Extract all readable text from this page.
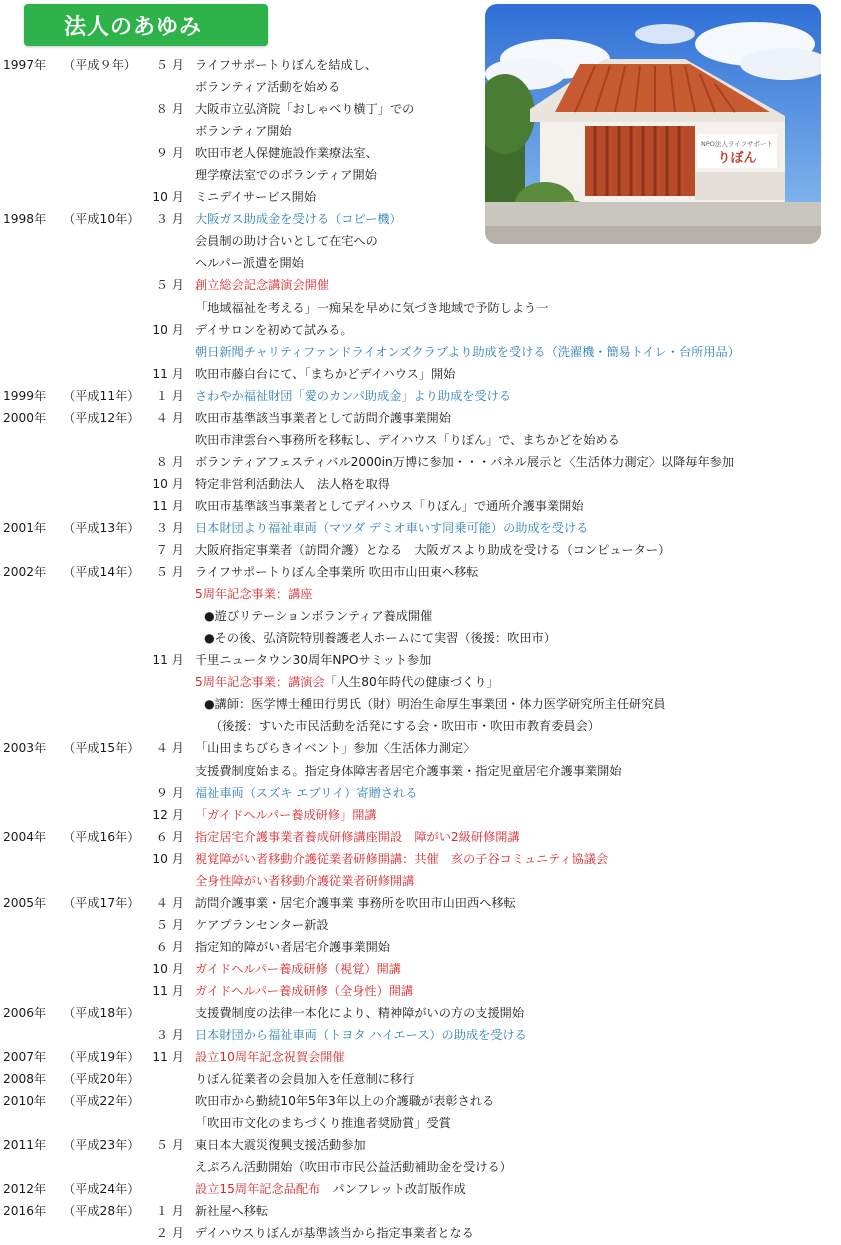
法人のあゆみ
NPO法人ライフサポート
りぼん
1997年 （平成９年）	５ 月 ライフサポートりぼんを結成し、
ボランティア活動を始める
８ 月 大阪市立弘済院「おしゃべり横丁」での
ボランティア開始
９ 月 吹田市老人保健施設作業療法室、
理学療法室でのボランティア開始
10 月 ミニデイサービス開始
1998年 （平成10年）	３ 月 大阪ガス助成金を受ける（コピー機）
会員制の助け合いとして在宅への
ヘルパー派遣を開始
５ 月 創立総会記念講演会開催
「地域福祉を考える」一痴呆を早めに気づき地域で予防しよう一
10 月 デイサロンを初めて試みる。
朝日新聞チャリティファンドライオンズクラブより助成を受ける（洗濯機・簡易トイレ・台所用品）
11 月 吹田市藤白台にて、「まちかどデイハウス」開始
1999年 （平成11年）	１ 月 さわやか福祉財団「愛のカンパ助成金」より助成を受ける
2000年 （平成12年）	４ 月 吹田市基準該当事業者として訪問介護事業開始
吹田市津雲台へ事務所を移転し、デイハウス「りぼん」で、まちかどを始める
８ 月 ボランティアフェスティバル2000in万博に参加・・・パネル展示と〈生活体力測定〉以降毎年参加
10 月 特定非営利活動法人　法人格を取得
11 月 吹田市基準該当事業者としてデイハウス「りぼん」で通所介護事業開始
2001年 （平成13年）	３ 月 日本財団より福祉車両（マツダ デミオ車いす同乗可能）の助成を受ける
７ 月 大阪府指定事業者（訪問介護）となる　大阪ガスより助成を受ける（コンピューター）
2002年 （平成14年）	５ 月 ライフサポートりぼん全事業所 吹田市山田東へ移転
5周年記念事業：講座
●遊びリテーションボランティア養成開催
●その後、弘済院特別養護老人ホームにて実習（後援：吹田市）
11 月 千里ニュータウン30周年NPOサミット参加
5周年記念事業：講演会「人生80年時代の健康づくり」
●講師：医学博士種田行男氏（財）明治生命厚生事業団・体力医学研究所主任研究員
（後援：すいた市民活動を活発にする会・吹田市・吹田市教育委員会）
2003年 （平成15年）	４ 月 「山田まちびらきイベント」参加〈生活体力測定〉
支援費制度始まる。指定身体障害者居宅介護事業・指定児童居宅介護事業開始
９ 月 福祉車両（スズキ エブリイ）寄贈される
12 月 「ガイドヘルパー養成研修」開講
2004年 （平成16年）	６ 月 指定居宅介護事業者養成研修講座開設　障がい2級研修開講
10 月 視覚障がい者移動介護従業者研修開講：共催　亥の子谷コミュニティ協議会
全身性障がい者移動介護従業者研修開講
2005年 （平成17年）	４ 月 訪問介護事業・居宅介護事業 事務所を吹田市山田西へ移転
５ 月 ケアプランセンター新設
６ 月 指定知的障がい者居宅介護事業開始
10 月 ガイドヘルパー養成研修（視覚）開講
11 月 ガイドヘルパー養成研修（全身性）開講
2006年 （平成18年）	支援費制度の法律一本化により、精神障がいの方の支援開始
３ 月 日本財団から福祉車両（トヨタ ハイエース）の助成を受ける
2007年 （平成19年）	11 月 設立10周年記念祝賀会開催
2008年 （平成20年）	りぼん従業者の会員加入を任意制に移行
2010年 （平成22年）	吹田市から勤続10年5年3年以上の介護職が表彰される
「吹田市文化のまちづくり推進者奨励賞」受賞
2011年 （平成23年）	５ 月 東日本大震災復興支援活動参加
えぷろん活動開始（吹田市市民公益活動補助金を受ける）
2012年 （平成24年）	設立15周年記念品配布　パンフレット改訂版作成
2016年 （平成28年）	１ 月 新社屋へ移転
２ 月 デイハウスりぼんが基準該当から指定事業者となる
